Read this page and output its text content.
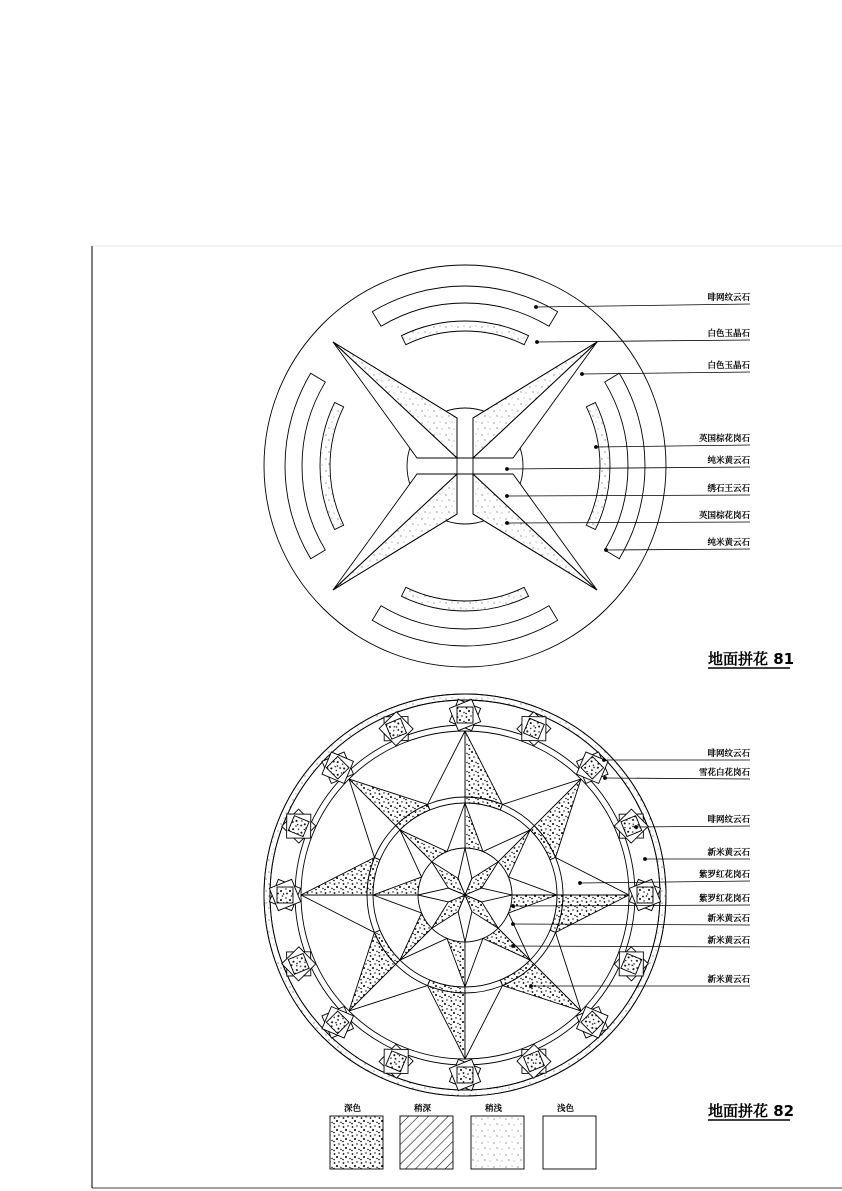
啡网纹云石
白色玉晶石
白色玉晶石
英国棕花岗石
纯米黄云石
绣石王云石
英国棕花岗石
纯米黄云石
地面拼花 81
啡网纹云石
雪花白花岗石
啡网纹云石
新米黄云石
紫罗红花岗石
紫罗红花岗石
新米黄云石
新米黄云石
新米黄云石
地面拼花 82
深色	稍深	稍浅	浅色
